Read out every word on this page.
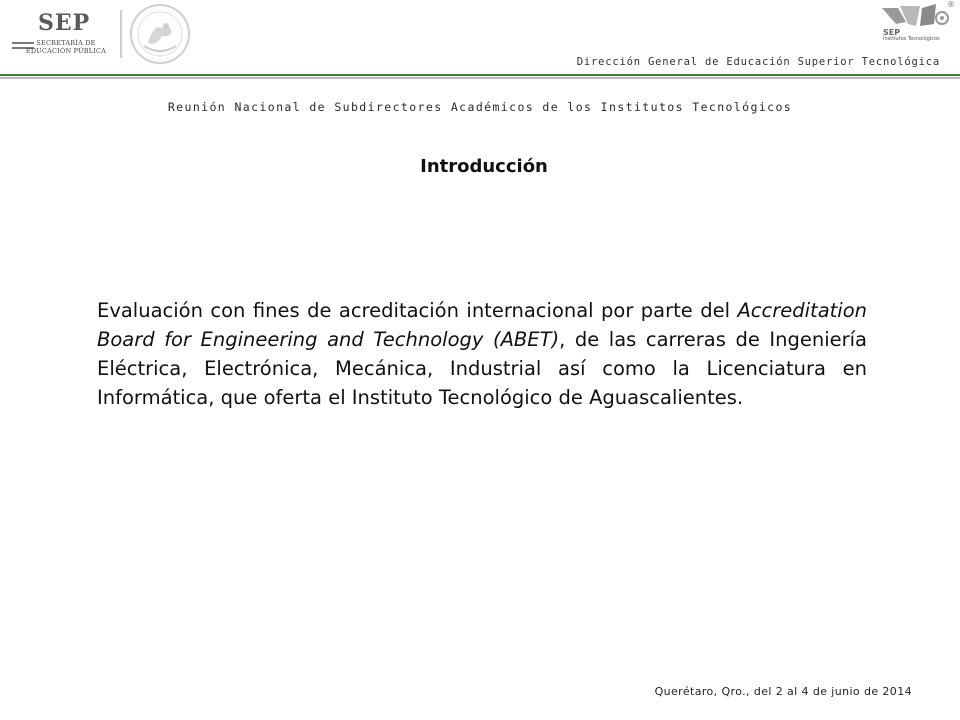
SEP
SECRETARÍA DE
EDUCACIÓN PÚBLICA
SEP
Institutos Tecnológicos
®
Dirección General de Educación Superior Tecnológica
Reunión Nacional de Subdirectores Académicos de los Institutos Tecnológicos
Introducción
Evaluación con fines de acreditación internacional por parte del Accreditation Board for Engineering and Technology (ABET), de las carreras de Ingeniería Eléctrica, Electrónica, Mecánica, Industrial así como la Licenciatura en Informática, que oferta el Instituto Tecnológico de Aguascalientes.
Querétaro, Qro., del 2 al 4 de junio de 2014
